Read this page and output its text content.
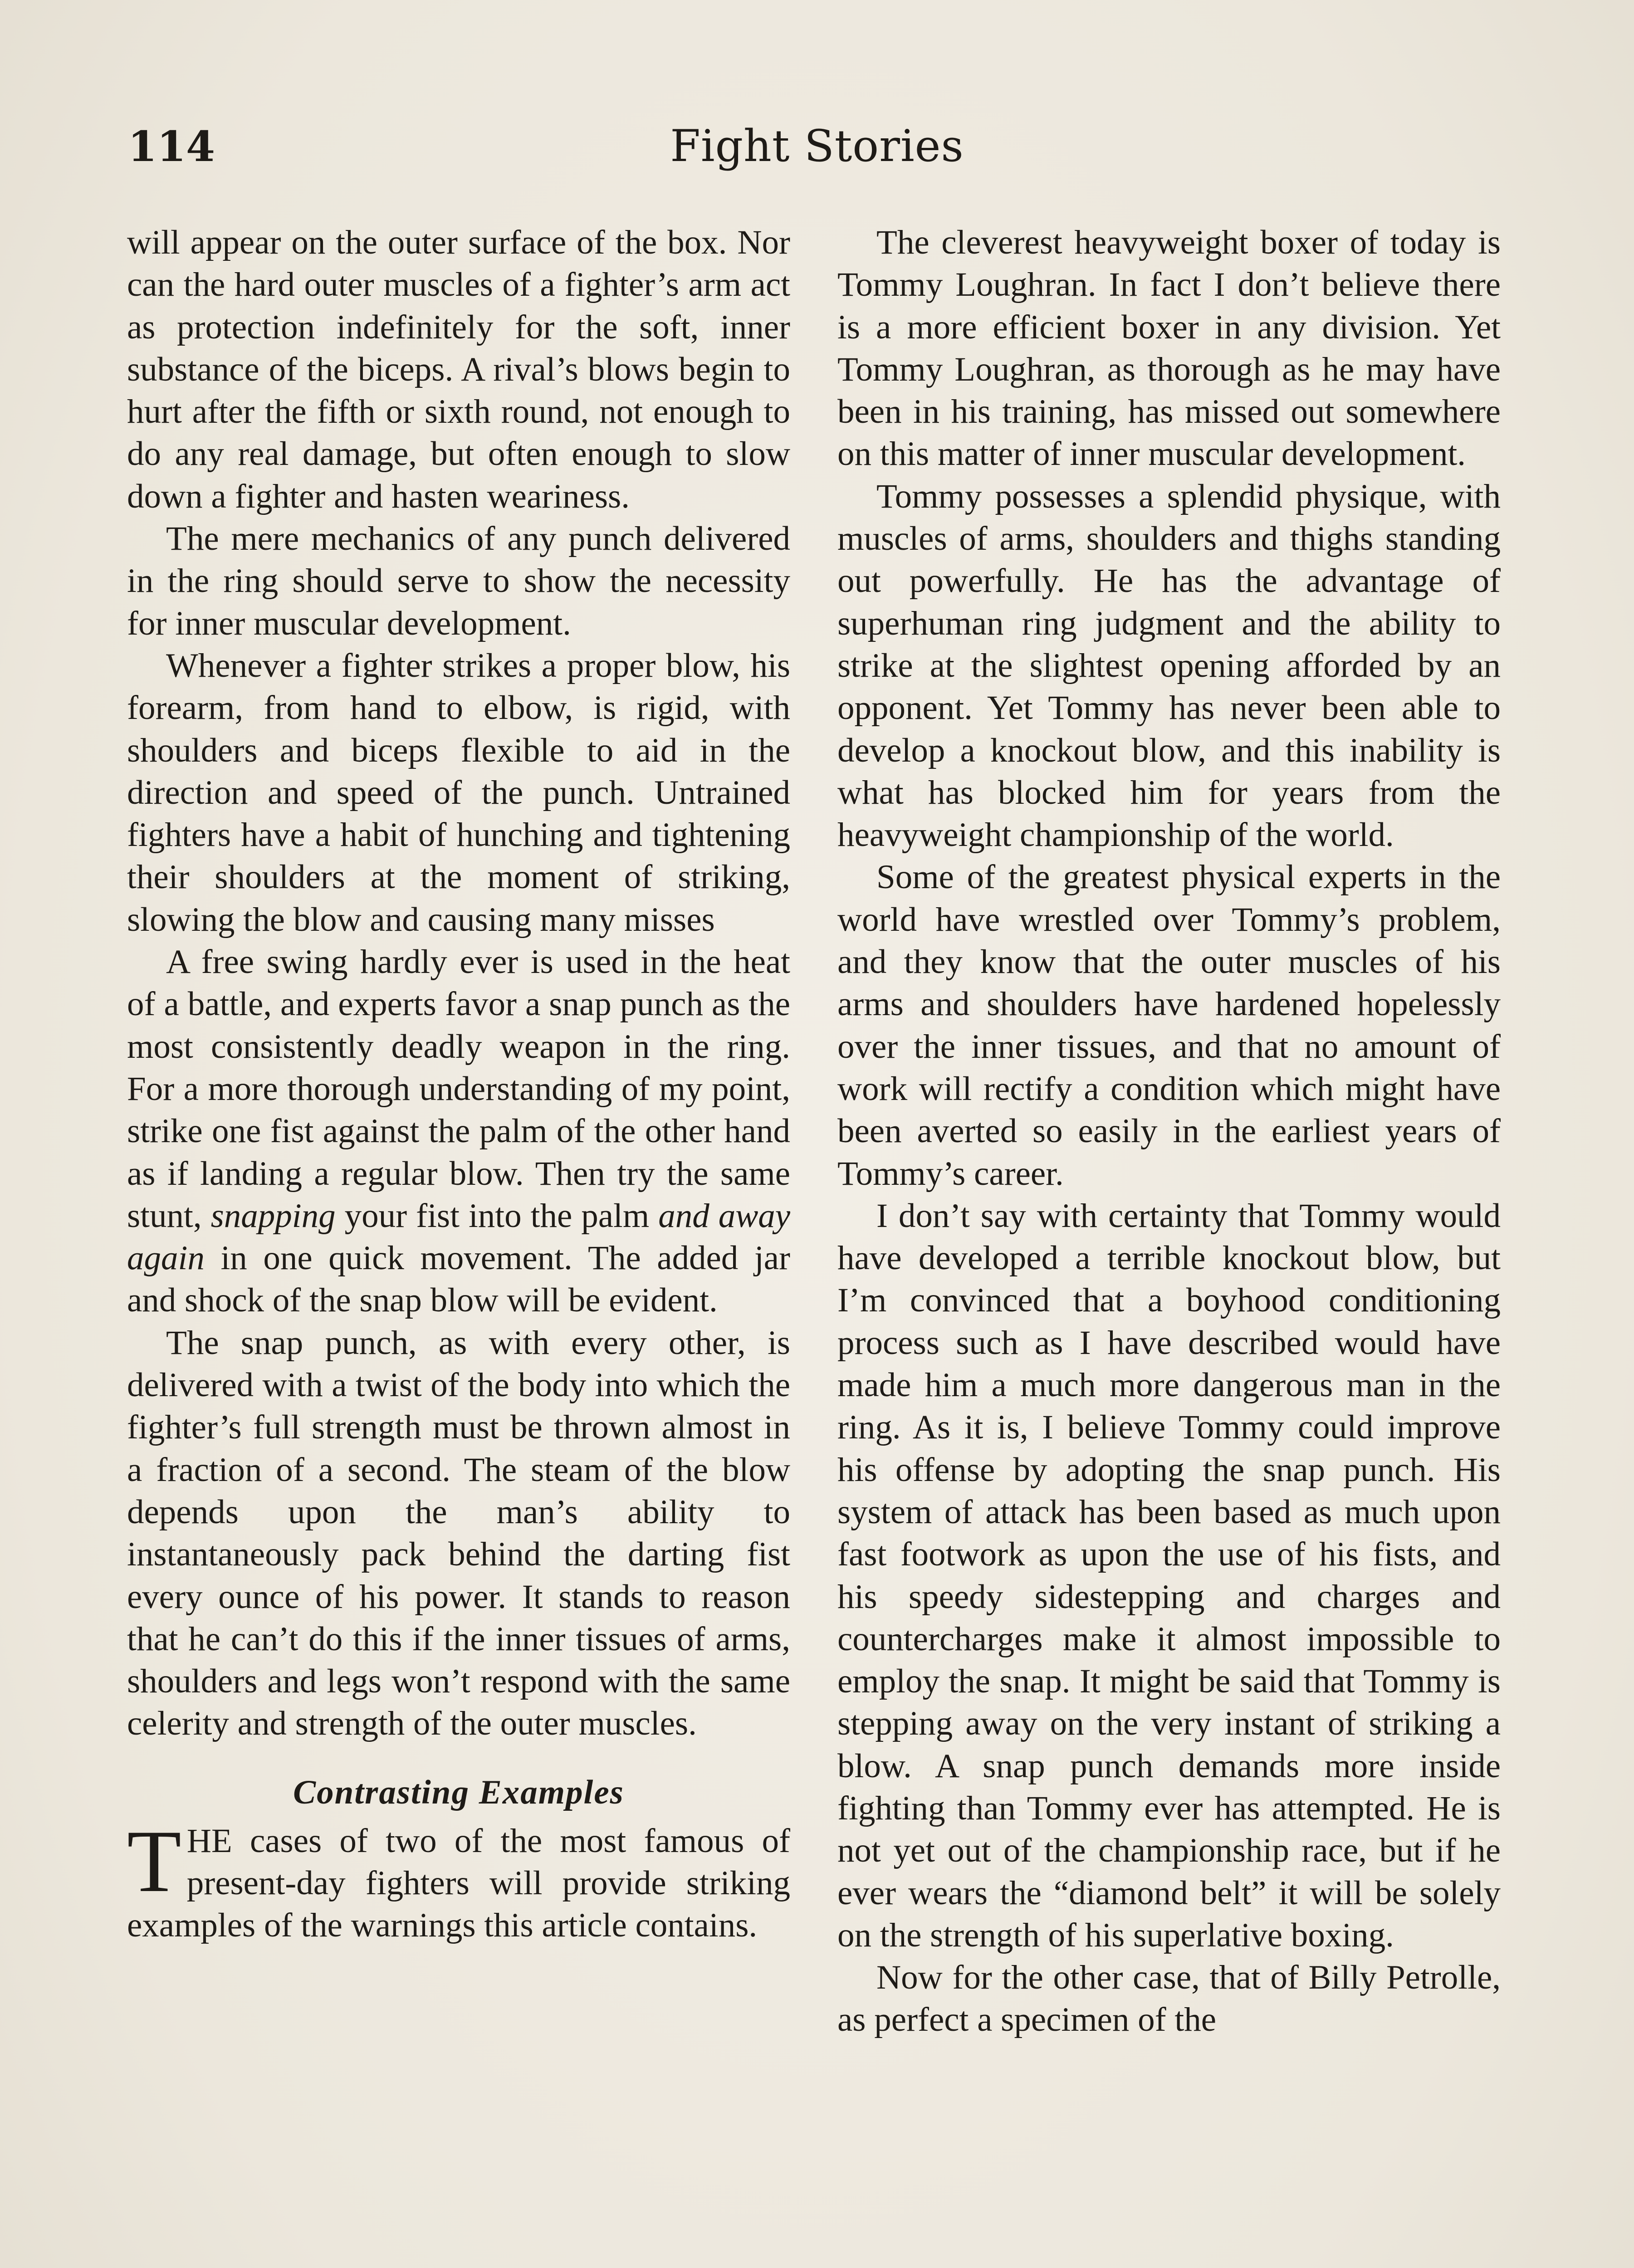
114	Fight Stories

will appear on the outer surface of the box. Nor can the hard outer muscles of a fighter’s arm act as protection indefinitely for the soft, inner substance of the biceps. A rival’s blows begin to hurt after the fifth or sixth round, not enough to do any real damage, but often enough to slow down a fighter and hasten weariness.

The mere mechanics of any punch delivered in the ring should serve to show the necessity for inner muscular development.

Whenever a fighter strikes a proper blow, his forearm, from hand to elbow, is rigid, with shoulders and biceps flexible to aid in the direction and speed of the punch. Untrained fighters have a habit of hunching and tightening their shoulders at the moment of striking, slowing the blow and causing many misses

A free swing hardly ever is used in the heat of a battle, and experts favor a snap punch as the most consistently deadly weapon in the ring. For a more thorough understanding of my point, strike one fist against the palm of the other hand as if landing a regular blow. Then try the same stunt, snapping your fist into the palm and away again in one quick movement. The added jar and shock of the snap blow will be evident.

The snap punch, as with every other, is delivered with a twist of the body into which the fighter’s full strength must be thrown almost in a fraction of a second. The steam of the blow depends upon the man’s ability to instantaneously pack behind the darting fist every ounce of his power. It stands to reason that he can’t do this if the inner tissues of arms, shoulders and legs won’t respond with the same celerity and strength of the outer muscles.

Contrasting Examples

THE cases of two of the most famous of present-day fighters will provide striking examples of the warnings this article contains.

The cleverest heavyweight boxer of today is Tommy Loughran. In fact I don’t believe there is a more efficient boxer in any division. Yet Tommy Loughran, as thorough as he may have been in his training, has missed out somewhere on this matter of inner muscular development.

Tommy possesses a splendid physique, with muscles of arms, shoulders and thighs standing out powerfully. He has the advantage of superhuman ring judgment and the ability to strike at the slightest opening afforded by an opponent. Yet Tommy has never been able to develop a knockout blow, and this inability is what has blocked him for years from the heavyweight championship of the world.

Some of the greatest physical experts in the world have wrestled over Tommy’s problem, and they know that the outer muscles of his arms and shoulders have hardened hopelessly over the inner tissues, and that no amount of work will rectify a condition which might have been averted so easily in the earliest years of Tommy’s career.

I don’t say with certainty that Tommy would have developed a terrible knockout blow, but I’m convinced that a boyhood conditioning process such as I have described would have made him a much more dangerous man in the ring. As it is, I believe Tommy could improve his offense by adopting the snap punch. His system of attack has been based as much upon fast footwork as upon the use of his fists, and his speedy sidestepping and charges and countercharges make it almost impossible to employ the snap. It might be said that Tommy is stepping away on the very instant of striking a blow. A snap punch demands more inside fighting than Tommy ever has attempted. He is not yet out of the championship race, but if he ever wears the “diamond belt” it will be solely on the strength of his superlative boxing.

Now for the other case, that of Billy Petrolle, as perfect a specimen of the
